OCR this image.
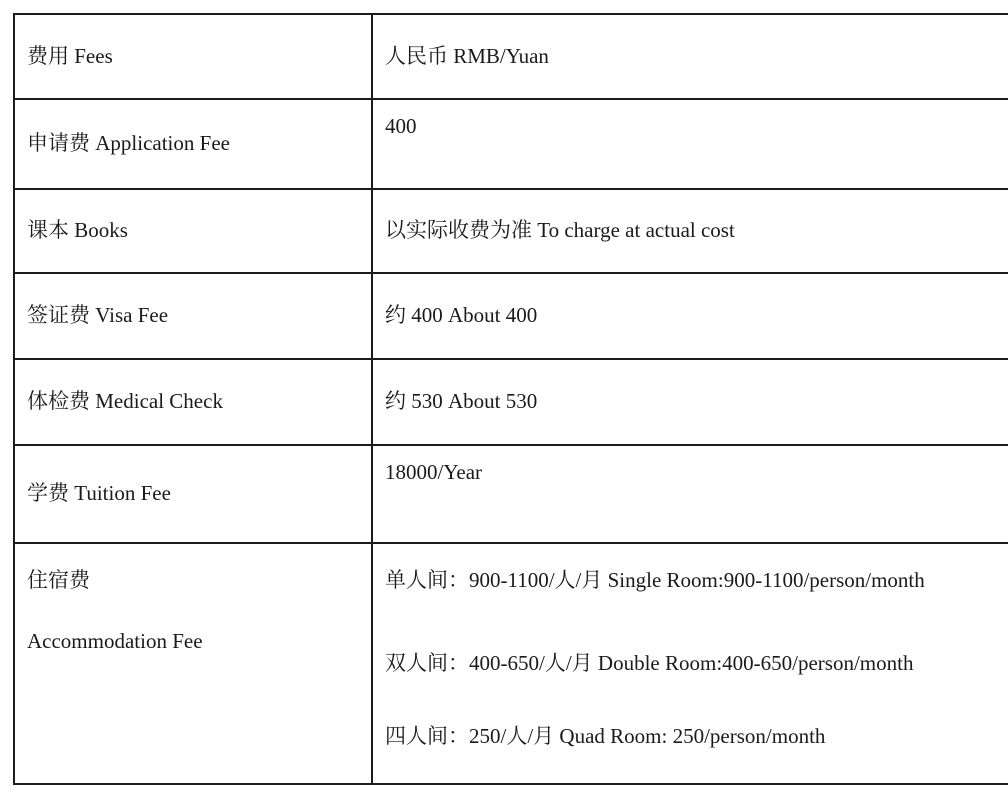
费用 Fees	人民币 RMB/Yuan
申请费 Application Fee	400
课本 Books	以实际收费为准 To charge at actual cost
签证费 Visa Fee	约 400 About 400
体检费 Medical Check	约 530 About 530
学费 Tuition Fee	18000/Year
住宿费
Accommodation Fee	单人间：900-1100/人/月 Single Room:900-1100/person/month
双人间：400-650/人/月 Double Room:400-650/person/month
四人间：250/人/月 Quad Room: 250/person/month
